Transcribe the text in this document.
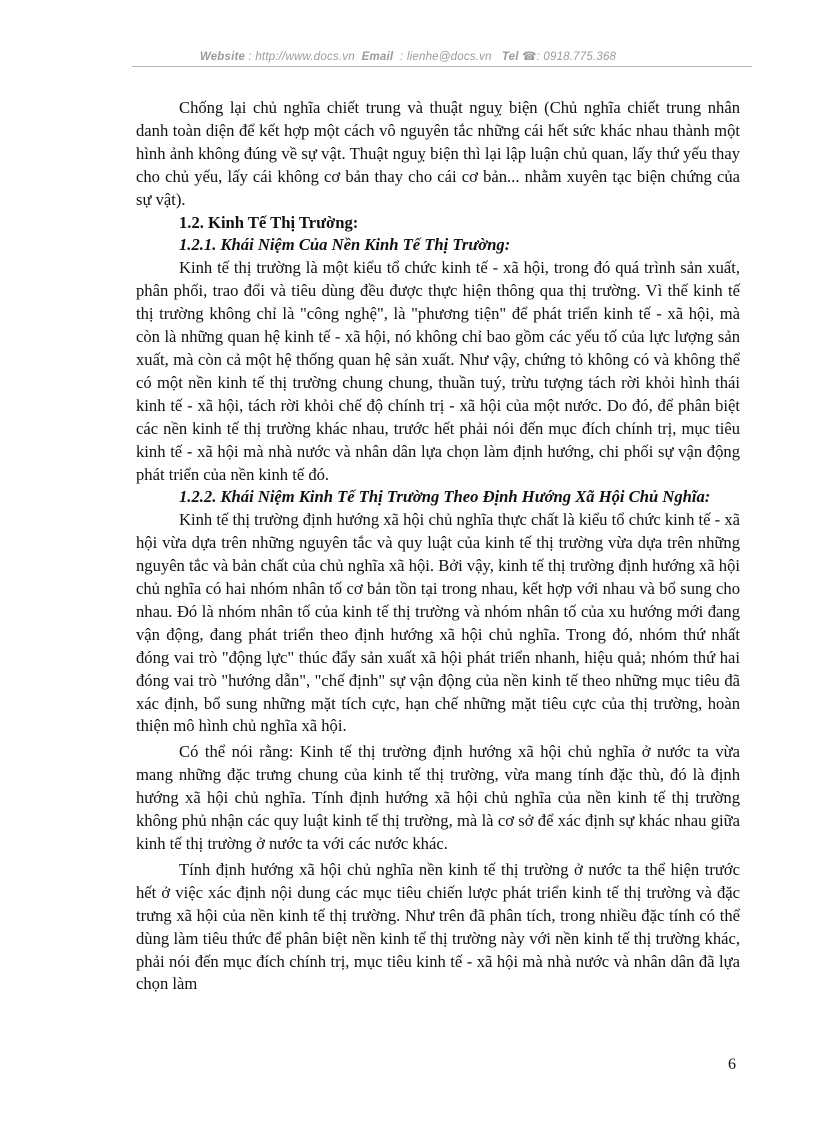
Website : http://www.docs.vn Email : lienhe@docs.vn Tel ☎: 0918.775.368

Chống lại chủ nghĩa chiết trung và thuật nguỵ biện (Chủ nghĩa chiết trung nhân danh toàn diện để kết hợp một cách vô nguyên tắc những cái hết sức khác nhau thành một hình ảnh không đúng về sự vật. Thuật nguỵ biện thì lại lập luận chủ quan, lấy thứ yếu thay cho chủ yếu, lấy cái không cơ bản thay cho cái cơ bản... nhằm xuyên tạc biện chứng của sự vật).

1.2. Kinh Tế Thị Trường:
1.2.1. Khái Niệm Của Nền Kinh Tế Thị Trường:

Kinh tế thị trường là một kiểu tổ chức kinh tế - xã hội, trong đó quá trình sản xuất, phân phối, trao đổi và tiêu dùng đều được thực hiện thông qua thị trường. Vì thế kinh tế thị trường không chỉ là "công nghệ", là "phương tiện" để phát triển kinh tế - xã hội, mà còn là những quan hệ kinh tế - xã hội, nó không chỉ bao gồm các yếu tố của lực lượng sản xuất, mà còn cả một hệ thống quan hệ sản xuất. Như vậy, chứng tỏ không có và không thể có một nền kinh tế thị trường chung chung, thuần tuý, trừu tượng tách rời khỏi hình thái kinh tế - xã hội, tách rời khỏi chế độ chính trị - xã hội của một nước. Do đó, để phân biệt các nền kinh tế thị trường khác nhau, trước hết phải nói đến mục đích chính trị, mục tiêu kinh tế - xã hội mà nhà nước và nhân dân lựa chọn làm định hướng, chi phối sự vận động phát triển của nền kinh tế đó.

1.2.2. Khái Niệm Kinh Tế Thị Trường Theo Định Hướng Xã Hội Chủ Nghĩa:

Kinh tế thị trường định hướng xã hội chủ nghĩa thực chất là kiểu tổ chức kinh tế - xã hội vừa dựa trên những nguyên tắc và quy luật của kinh tế thị trường vừa dựa trên những nguyên tắc và bản chất của chủ nghĩa xã hội. Bởi vậy, kinh tế thị trường định hướng xã hội chủ nghĩa có hai nhóm nhân tố cơ bản tồn tại trong nhau, kết hợp với nhau và bổ sung cho nhau. Đó là nhóm nhân tố của kinh tế thị trường và nhóm nhân tố của xu hướng mới đang vận động, đang phát triển theo định hướng xã hội chủ nghĩa. Trong đó, nhóm thứ nhất đóng vai trò "động lực" thúc đẩy sản xuất xã hội phát triển nhanh, hiệu quả; nhóm thứ hai đóng vai trò "hướng dẫn", "chế định" sự vận động của nền kinh tế theo những mục tiêu đã xác định, bổ sung những mặt tích cực, hạn chế những mặt tiêu cực của thị trường, hoàn thiện mô hình chủ nghĩa xã hội.

Có thể nói rằng: Kinh tế thị trường định hướng xã hội chủ nghĩa ở nước ta vừa mang những đặc trưng chung của kinh tế thị trường, vừa mang tính đặc thù, đó là định hướng xã hội chủ nghĩa. Tính định hướng xã hội chủ nghĩa của nền kinh tế thị trường không phủ nhận các quy luật kinh tế thị trường, mà là cơ sở để xác định sự khác nhau giữa kinh tế thị trường ở nước ta với các nước khác.

Tính định hướng xã hội chủ nghĩa nền kinh tế thị trường ở nước ta thể hiện trước hết ở việc xác định nội dung các mục tiêu chiến lược phát triển kinh tế thị trường và đặc trưng xã hội của nền kinh tế thị trường. Như trên đã phân tích, trong nhiều đặc tính có thể dùng làm tiêu thức để phân biệt nền kinh tế thị trường này với nền kinh tế thị trường khác, phải nói đến mục đích chính trị, mục tiêu kinh tế - xã hội mà nhà nước và nhân dân đã lựa chọn làm

6
